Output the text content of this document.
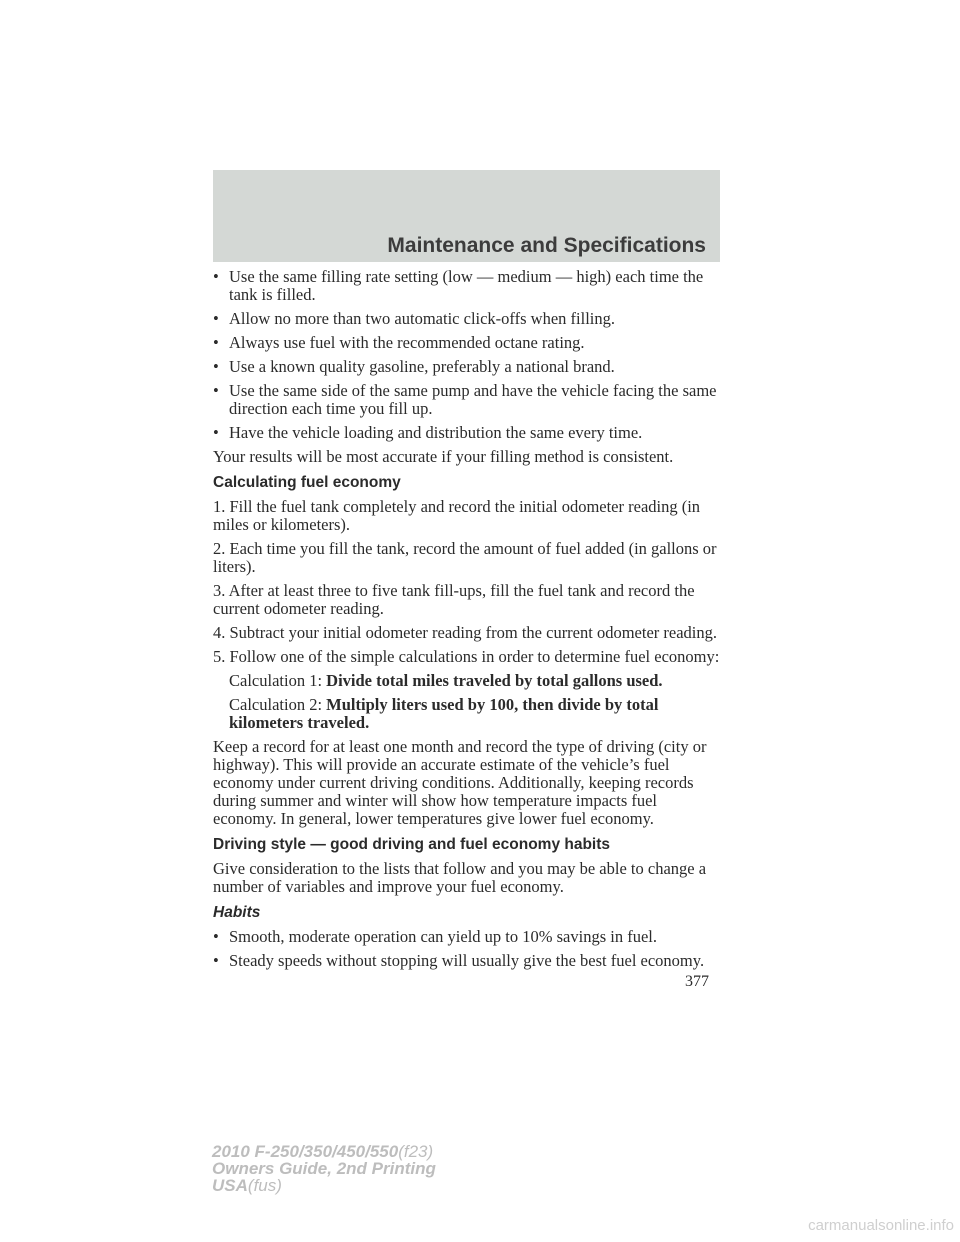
Maintenance and Specifications
• Use the same filling rate setting (low — medium — high) each time the tank is filled.
• Allow no more than two automatic click-offs when filling.
• Always use fuel with the recommended octane rating.
• Use a known quality gasoline, preferably a national brand.
• Use the same side of the same pump and have the vehicle facing the same direction each time you fill up.
• Have the vehicle loading and distribution the same every time.
Your results will be most accurate if your filling method is consistent.
Calculating fuel economy
1. Fill the fuel tank completely and record the initial odometer reading (in miles or kilometers).
2. Each time you fill the tank, record the amount of fuel added (in gallons or liters).
3. After at least three to five tank fill-ups, fill the fuel tank and record the current odometer reading.
4. Subtract your initial odometer reading from the current odometer reading.
5. Follow one of the simple calculations in order to determine fuel economy:
Calculation 1: Divide total miles traveled by total gallons used.
Calculation 2: Multiply liters used by 100, then divide by total kilometers traveled.
Keep a record for at least one month and record the type of driving (city or highway). This will provide an accurate estimate of the vehicle’s fuel economy under current driving conditions. Additionally, keeping records during summer and winter will show how temperature impacts fuel economy. In general, lower temperatures give lower fuel economy.
Driving style — good driving and fuel economy habits
Give consideration to the lists that follow and you may be able to change a number of variables and improve your fuel economy.
Habits
• Smooth, moderate operation can yield up to 10% savings in fuel.
• Steady speeds without stopping will usually give the best fuel economy.
377
2010 F-250/350/450/550(f23)
Owners Guide, 2nd Printing
USA(fus)
carmanualsonline.info
